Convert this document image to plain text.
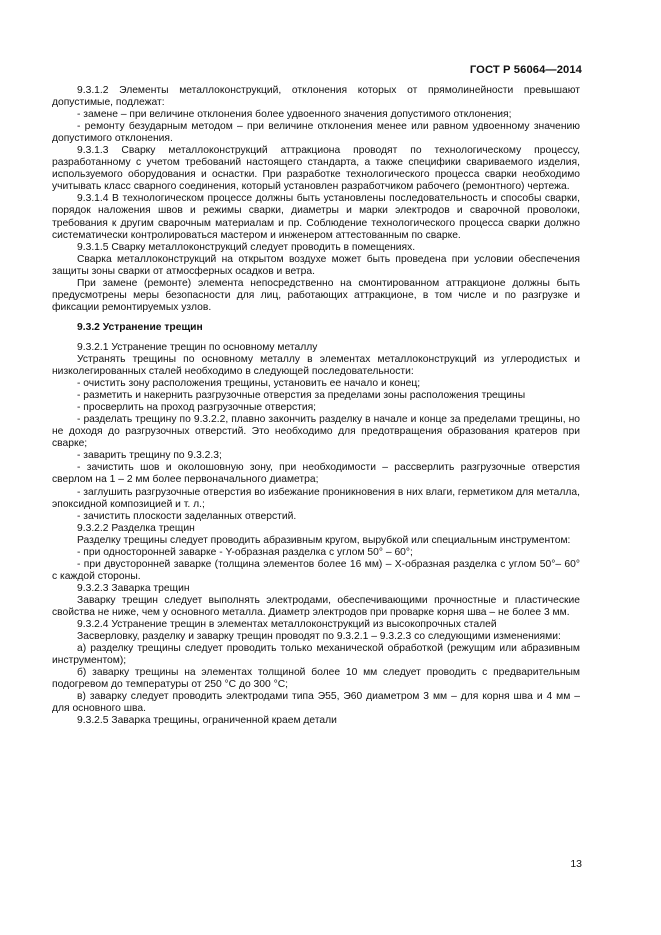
ГОСТ Р 56064—2014

9.3.1.2 Элементы металлоконструкций, отклонения которых от прямолинейности превышают допустимые, подлежат:

- замене – при величине отклонения более удвоенного значения допустимого отклонения;

- ремонту безударным методом – при величине отклонения менее или равном удвоенному значению допустимого отклонения.

9.3.1.3 Сварку металлоконструкций аттракциона проводят по технологическому процессу, разработанному с учетом требований настоящего стандарта, а также специфики свариваемого изделия, используемого оборудования и оснастки. При разработке технологического процесса сварки необходимо учитывать класс сварного соединения, который установлен разработчиком рабочего (ремонтного) чертежа.

9.3.1.4 В технологическом процессе должны быть установлены последовательность и способы сварки, порядок наложения швов и режимы сварки, диаметры и марки электродов и сварочной проволоки, требования к другим сварочным материалам и пр. Соблюдение технологического процесса сварки должно систематически контролироваться мастером и инженером аттестованным по сварке.

9.3.1.5 Сварку металлоконструкций следует проводить в помещениях.

Сварка металлоконструкций на открытом воздухе может быть проведена при условии обеспечения защиты зоны сварки от атмосферных осадков и ветра.

При замене (ремонте) элемента непосредственно на смонтированном аттракционе должны быть предусмотрены меры безопасности для лиц, работающих аттракционе, в том числе и по разгрузке и фиксации ремонтируемых узлов.

9.3.2 Устранение трещин

9.3.2.1 Устранение трещин по основному металлу

Устранять трещины по основному металлу в элементах металлоконструкций из углеродистых и низколегированных сталей необходимо в следующей последовательности:

- очистить зону расположения трещины, установить ее начало и конец;

- разметить и накернить разгрузочные отверстия за пределами зоны расположения трещины

- просверлить на проход разгрузочные отверстия;

- разделать трещину по 9.3.2.2, плавно закончить разделку в начале и конце за пределами трещины, но не доходя до разгрузочных отверстий. Это необходимо для предотвращения образования кратеров при сварке;

- заварить трещину по 9.3.2.3;

- зачистить шов и околошовную зону, при необходимости – рассверлить разгрузочные отверстия сверлом на 1 – 2 мм более первоначального диаметра;

- заглушить разгрузочные отверстия во избежание проникновения в них влаги, герметиком для металла, эпоксидной композицией и т. л.;

- зачистить плоскости заделанных отверстий.

9.3.2.2 Разделка трещин

Разделку трещины следует проводить абразивным кругом, вырубкой или специальным инструментом:

- при односторонней заварке - Y-образная разделка с углом 50° – 60°;

- при двусторонней заварке (толщина элементов более 16 мм) – X-образная разделка с углом 50°– 60° с каждой стороны.

9.3.2.3 Заварка трещин

Заварку трещин следует выполнять электродами, обеспечивающими прочностные и пластические свойства не ниже, чем у основного металла. Диаметр электродов при проварке корня шва – не более 3 мм.

9.3.2.4 Устранение трещин в элементах металлоконструкций из высокопрочных сталей

Засверловку, разделку и заварку трещин проводят по 9.3.2.1 – 9.3.2.3 со следующими изменениями:

а) разделку трещины следует проводить только механической обработкой (режущим или абразивным инструментом);

б) заварку трещины на элементах толщиной более 10 мм следует проводить с предварительным подогревом до температуры от 250 °С до 300 °С;

в) заварку следует проводить электродами типа Э55, Э60 диаметром 3 мм – для корня шва и 4 мм – для основного шва.

9.3.2.5 Заварка трещины, ограниченной краем детали

13
